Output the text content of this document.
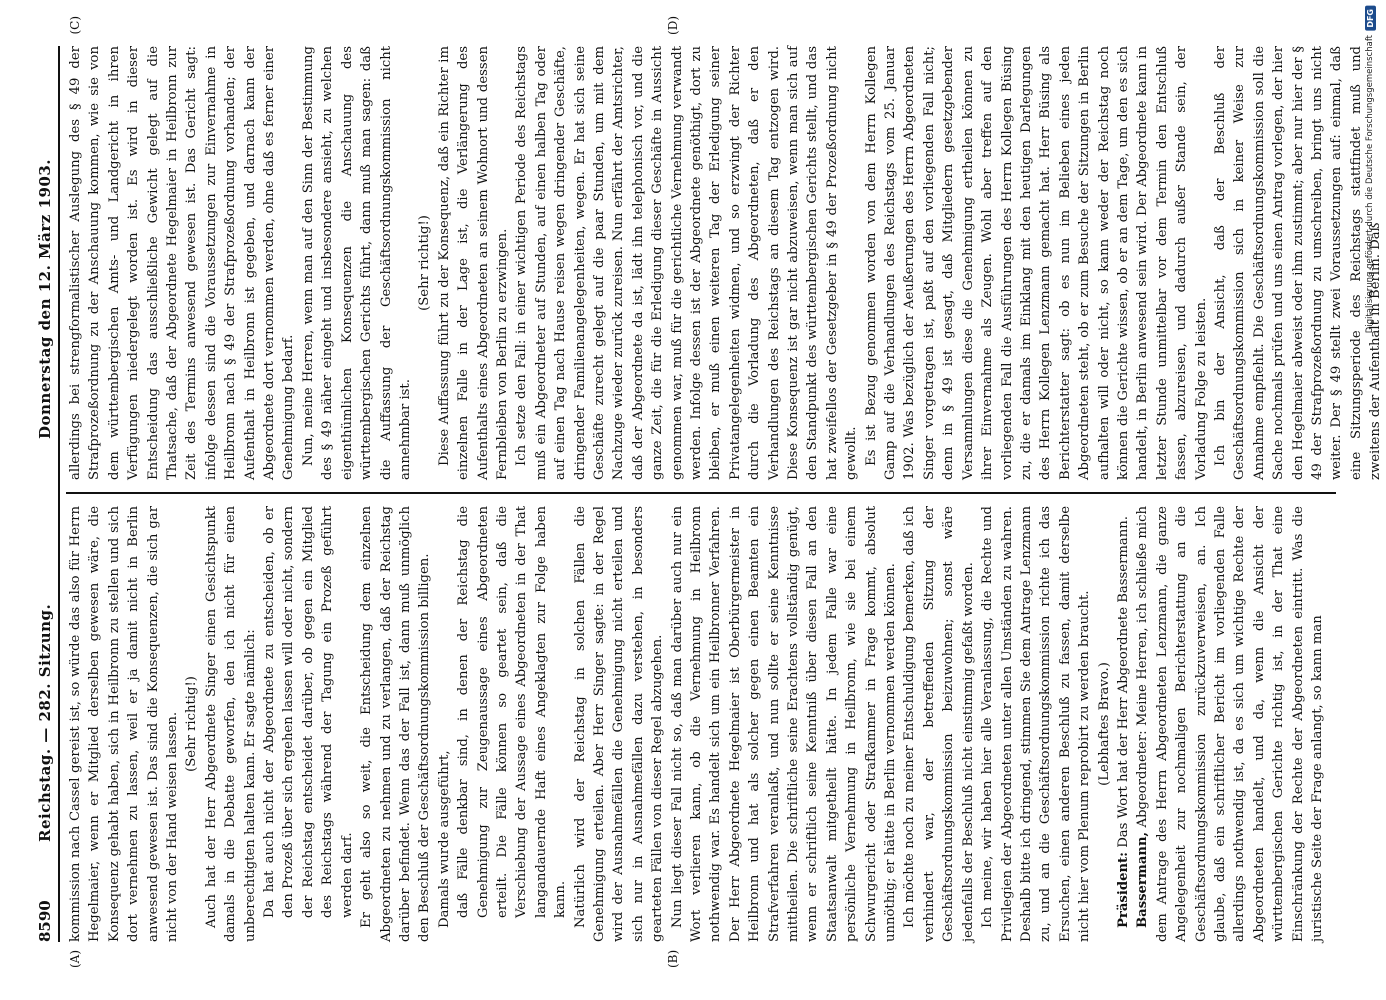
DFG
Digitalisierung gefördert durch die Deutsche Forschungsgemeinschaft
8590
Reichstag. — 282. Sitzung.
Donnerstag den 12. März 1903.
(A)	(B)
(C)	(D)

kommission nach Cassel gereist ist, so würde das also für Herrn Hegelmaier, wenn er Mitglied derselben gewesen wäre, die Konsequenz gehabt haben, sich in Heilbronn zu stellen und sich dort vernehmen zu lassen, weil er ja damit nicht in Berlin anwesend gewesen ist. Das sind die Konsequenzen, die sich gar nicht von der Hand weisen lassen. (Sehr richtig!) Auch hat der Herr Abgeordnete Singer einen Gesichtspunkt damals in die Debatte geworfen, den ich nicht für einen unberechtigten halten kann. Er sagte nämlich: Da hat auch nicht der Abgeordnete zu entscheiden, ob er den Prozeß über sich ergehen lassen will oder nicht, sondern der Reichstag entscheidet darüber, ob gegen ein Mitglied des Reichstags während der Tagung ein Prozeß geführt werden darf. Er geht also so weit, die Entscheidung dem einzelnen Abgeordneten zu nehmen und zu verlangen, daß der Reichstag darüber befindet. Wenn das der Fall ist, dann muß unmöglich den Beschluß der Geschäftsordnungskommission billigen. Damals wurde ausgeführt, daß Fälle denkbar sind, in denen der Reichstag die Genehmigung zur Zeugenaussage eines Abgeordneten erteilt. Die Fälle können so geartet sein, daß die Verschiebung der Aussage eines Abgeordneten in der That langandauernde Haft eines Angeklagten zur Folge haben kann. Natürlich wird der Reichstag in solchen Fällen die Genehmigung erteilen. Aber Herr Singer sagte: in der Regel wird der Ausnahmefällen die Genehmigung nicht erteilen und sich nur in Ausnahmefällen dazu verstehen, in besonders gearteten Fällen von dieser Regel abzugehen. Nun liegt dieser Fall nicht so, daß man darüber auch nur ein Wort verlieren kann, ob die Vernehmung in Heilbronn nothwendig war. Es handelt sich um ein Heilbronner Verfahren. Der Herr Abgeordnete Hegelmaier ist Oberbürgermeister in Heilbronn und hat als solcher gegen einen Beamten ein Strafverfahren veranlaßt, und nun sollte er seine Kenntnisse mittheilen. Die schriftliche seine Erachtens vollständig genügt, wenn er schriftlich seine Kenntniß über diesen Fall an den Staatsanwalt mitgetheilt hätte. In jedem Falle war eine persönliche Vernehmung in Heilbronn, wie sie bei einem Schwurgericht oder Strafkammer in Frage kommt, absolut unnöthig; er hätte in Berlin vernommen werden können. Ich möchte noch zu meiner Entschuldigung bemerken, daß ich verhindert war, der betreffenden Sitzung der Geschäftsordnungskommission beizuwohnen; sonst wäre jedenfalls der Beschluß nicht einstimmig gefaßt worden. Ich meine, wir haben hier alle Veranlassung, die Rechte und Privilegien der Abgeordneten unter allen Umständen zu wahren. Deshalb bitte ich dringend, stimmen Sie dem Antrage Lenzmann zu, und an die Geschäftsordnungskommission richte ich das Ersuchen, einen anderen Beschluß zu fassen, damit derselbe nicht hier vom Plenum reprobirt zu werden braucht. (Lebhaftes Bravo.)

Präsident: Das Wort hat der Herr Abgeordnete Bassermann.

Bassermann, Abgeordneter: Meine Herren, ich schließe mich dem Antrage des Herrn Abgeordneten Lenzmann, die ganze Angelegenheit zur nochmaligen Berichterstattung an die Geschäftsordnungskommission zurückzuverweisen, an. Ich glaube, daß ein schriftlicher Bericht im vorliegenden Falle allerdings nothwendig ist, da es sich um wichtige Rechte der Abgeordneten handelt, und da, wenn die Ansicht der württembergischen Gerichte richtig ist, in der That eine Einschränkung der Rechte der Abgeordneten eintritt. Was die juristische Seite der Frage anlangt, so kann man

allerdings bei strengformalistischer Auslegung des § 49 der Strafprozeßordnung zu der Anschauung kommen, wie sie von dem württembergischen Amts- und Landgericht in ihren Verfügungen niedergelegt worden ist. Es wird in dieser Entscheidung das ausschließliche Gewicht gelegt auf die Thatsache, daß der Abgeordnete Hegelmaier in Heilbronn zur Zeit des Termins anwesend gewesen ist. Das Gericht sagt: infolge dessen sind die Voraussetzungen zur Einvernahme in Heilbronn nach § 49 der Strafprozeßordnung vorhanden; der Aufenthalt in Heilbronn ist gegeben, und darnach kann der Abgeordnete dort vernommen werden, ohne daß es ferner einer Genehmigung bedarf. Nun, meine Herren, wenn man auf den Sinn der Bestimmung des § 49 näher eingeht und insbesondere ansieht, zu welchen eigenthümlichen Konsequenzen die Anschauung des württembergischen Gerichts führt, dann muß man sagen: daß die Auffassung der Geschäftsordnungskommission nicht annehmbar ist.

(Sehr richtig!) Diese Auffassung führt zu der Konsequenz, daß ein Richter im einzelnen Falle in der Lage ist, die Verlängerung des Aufenthalts eines Abgeordneten an seinem Wohnort und dessen Fernbleiben von Berlin zu erzwingen. Ich setze den Fall: in einer wichtigen Periode des Reichstags muß ein Abgeordneter auf Stunden, auf einen halben Tag oder auf einen Tag nach Hause reisen wegen dringender Geschäfte, dringender Familienangelegenheiten, wegen. Er hat sich seine Geschäfte zurecht gelegt auf die paar Stunden, um mit dem Nachzuge wieder zurück zureisen. Nun erfährt der Amtsrichter, daß der Abgeordnete da ist, lädt ihn telephonisch vor, und die ganze Zeit, die für die Erledigung dieser Geschäfte in Aussicht genommen war, muß für die gerichtliche Vernehmung verwandt werden. Infolge dessen ist der Abgeordnete genöthigt, dort zu bleiben, er muß einen weiteren Tag der Erledigung seiner Privatangelegenheiten widmen, und so erzwingt der Richter durch die Vorladung des Abgeordneten, daß er den Verhandlungen des Reichstags an diesem Tag entzogen wird. Diese Konsequenz ist gar nicht abzuweisen, wenn man sich auf den Standpunkt des württembergischen Gerichts stellt, und das hat zweifellos der Gesetzgeber in § 49 der Prozeßordnung nicht gewollt. Es ist Bezug genommen worden von dem Herrn Kollegen Gamp auf die Verhandlungen des Reichstags vom 25. Januar 1902. Was bezüglich der Aeußerungen des Herrn Abgeordneten Singer vorgetragen ist, paßt auf den vorliegenden Fall nicht; denn in § 49 ist gesagt, daß Mitgliedern gesetzgebender Versammlungen diese die Genehmigung ertheilen können zu ihrer Einvernahme als Zeugen. Wohl aber treffen auf den vorliegenden Fall die Ausführungen des Herrn Kollegen Büsing zu, die er damals im Einklang mit den heutigen Darlegungen des Herrn Kollegen Lenzmann gemacht hat. Herr Büsing als Berichterstatter sagt: ob es nun im Belieben eines jeden Abgeordneten steht, ob er zum Besuche der Sitzungen in Berlin aufhalten will oder nicht, so kann weder der Reichstag noch können die Gerichte wissen, ob er an dem Tage, um den es sich handelt, in Berlin anwesend sein wird. Der Abgeordnete kann in letzter Stunde unmittelbar vor dem Termin den Entschluß fassen, abzureisen, und dadurch außer Stande sein, der Vorladung Folge zu leisten. Ich bin der Ansicht, daß der Beschluß der Geschäftsordnungskommission sich in keiner Weise zur Annahme empfiehlt. Die Geschäftsordnungskommission soll die Sache nochmals prüfen und uns einen Antrag vorlegen, der hier den Hegelmaier abweist oder ihm zustimmt; aber nur hier der § 49 der Strafprozeßordnung zu umschreiben, bringt uns nicht weiter. Der § 49 stellt zwei Voraussetzungen auf: einmal, daß eine Sitzungsperiode des Reichstags stattfindet muß und zweitens der Aufenthalt in Berlin. Daß
